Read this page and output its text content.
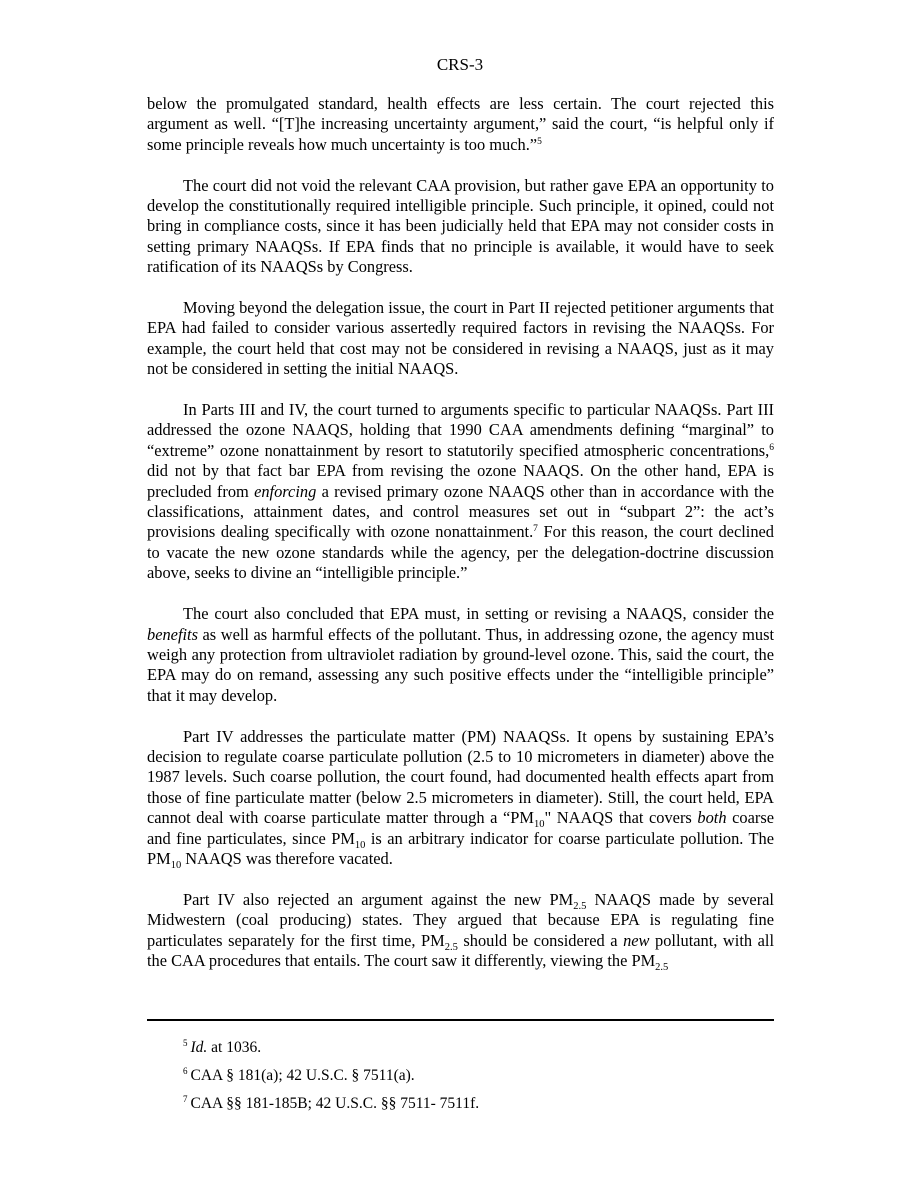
CRS-3

below the promulgated standard, health effects are less certain. The court rejected this argument as well. “[T]he increasing uncertainty argument,” said the court, “is helpful only if some principle reveals how much uncertainty is too much.”$^5$

The court did not void the relevant CAA provision, but rather gave EPA an opportunity to develop the constitutionally required intelligible principle. Such principle, it opined, could not bring in compliance costs, since it has been judicially held that EPA may not consider costs in setting primary NAAQSs. If EPA finds that no principle is available, it would have to seek ratification of its NAAQSs by Congress.

Moving beyond the delegation issue, the court in Part II rejected petitioner arguments that EPA had failed to consider various assertedly required factors in revising the NAAQSs. For example, the court held that cost may not be considered in revising a NAAQS, just as it may not be considered in setting the initial NAAQS.

In Parts III and IV, the court turned to arguments specific to particular NAAQSs. Part III addressed the ozone NAAQS, holding that 1990 CAA amendments defining “marginal” to “extreme” ozone nonattainment by resort to statutorily specified atmospheric concentrations,$^6$ did not by that fact bar EPA from revising the ozone NAAQS. On the other hand, EPA is precluded from enforcing a revised primary ozone NAAQS other than in accordance with the classifications, attainment dates, and control measures set out in “subpart 2”: the act’s provisions dealing specifically with ozone nonattainment.$^7$ For this reason, the court declined to vacate the new ozone standards while the agency, per the delegation-doctrine discussion above, seeks to divine an “intelligible principle.”

The court also concluded that EPA must, in setting or revising a NAAQS, consider the benefits as well as harmful effects of the pollutant. Thus, in addressing ozone, the agency must weigh any protection from ultraviolet radiation by ground-level ozone. This, said the court, the EPA may do on remand, assessing any such positive effects under the “intelligible principle” that it may develop.

Part IV addresses the particulate matter (PM) NAAQSs. It opens by sustaining EPA’s decision to regulate coarse particulate pollution (2.5 to 10 micrometers in diameter) above the 1987 levels. Such coarse pollution, the court found, had documented health effects apart from those of fine particulate matter (below 2.5 micrometers in diameter). Still, the court held, EPA cannot deal with coarse particulate matter through a “$PM_{10}$" NAAQS that covers both coarse and fine particulates, since $PM_{10}$ is an arbitrary indicator for coarse particulate pollution. The $PM_{10}$ NAAQS was therefore vacated.

Part IV also rejected an argument against the new $PM_{2.5}$ NAAQS made by several Midwestern (coal producing) states. They argued that because EPA is regulating fine particulates separately for the first time, $PM_{2.5}$ should be considered a new pollutant, with all the CAA procedures that entails. The court saw it differently, viewing the $PM_{2.5}$

$^5$ Id. at 1036.
$^6$ CAA § 181(a); 42 U.S.C. § 7511(a).
$^7$ CAA §§ 181-185B; 42 U.S.C. §§ 7511- 7511f.
